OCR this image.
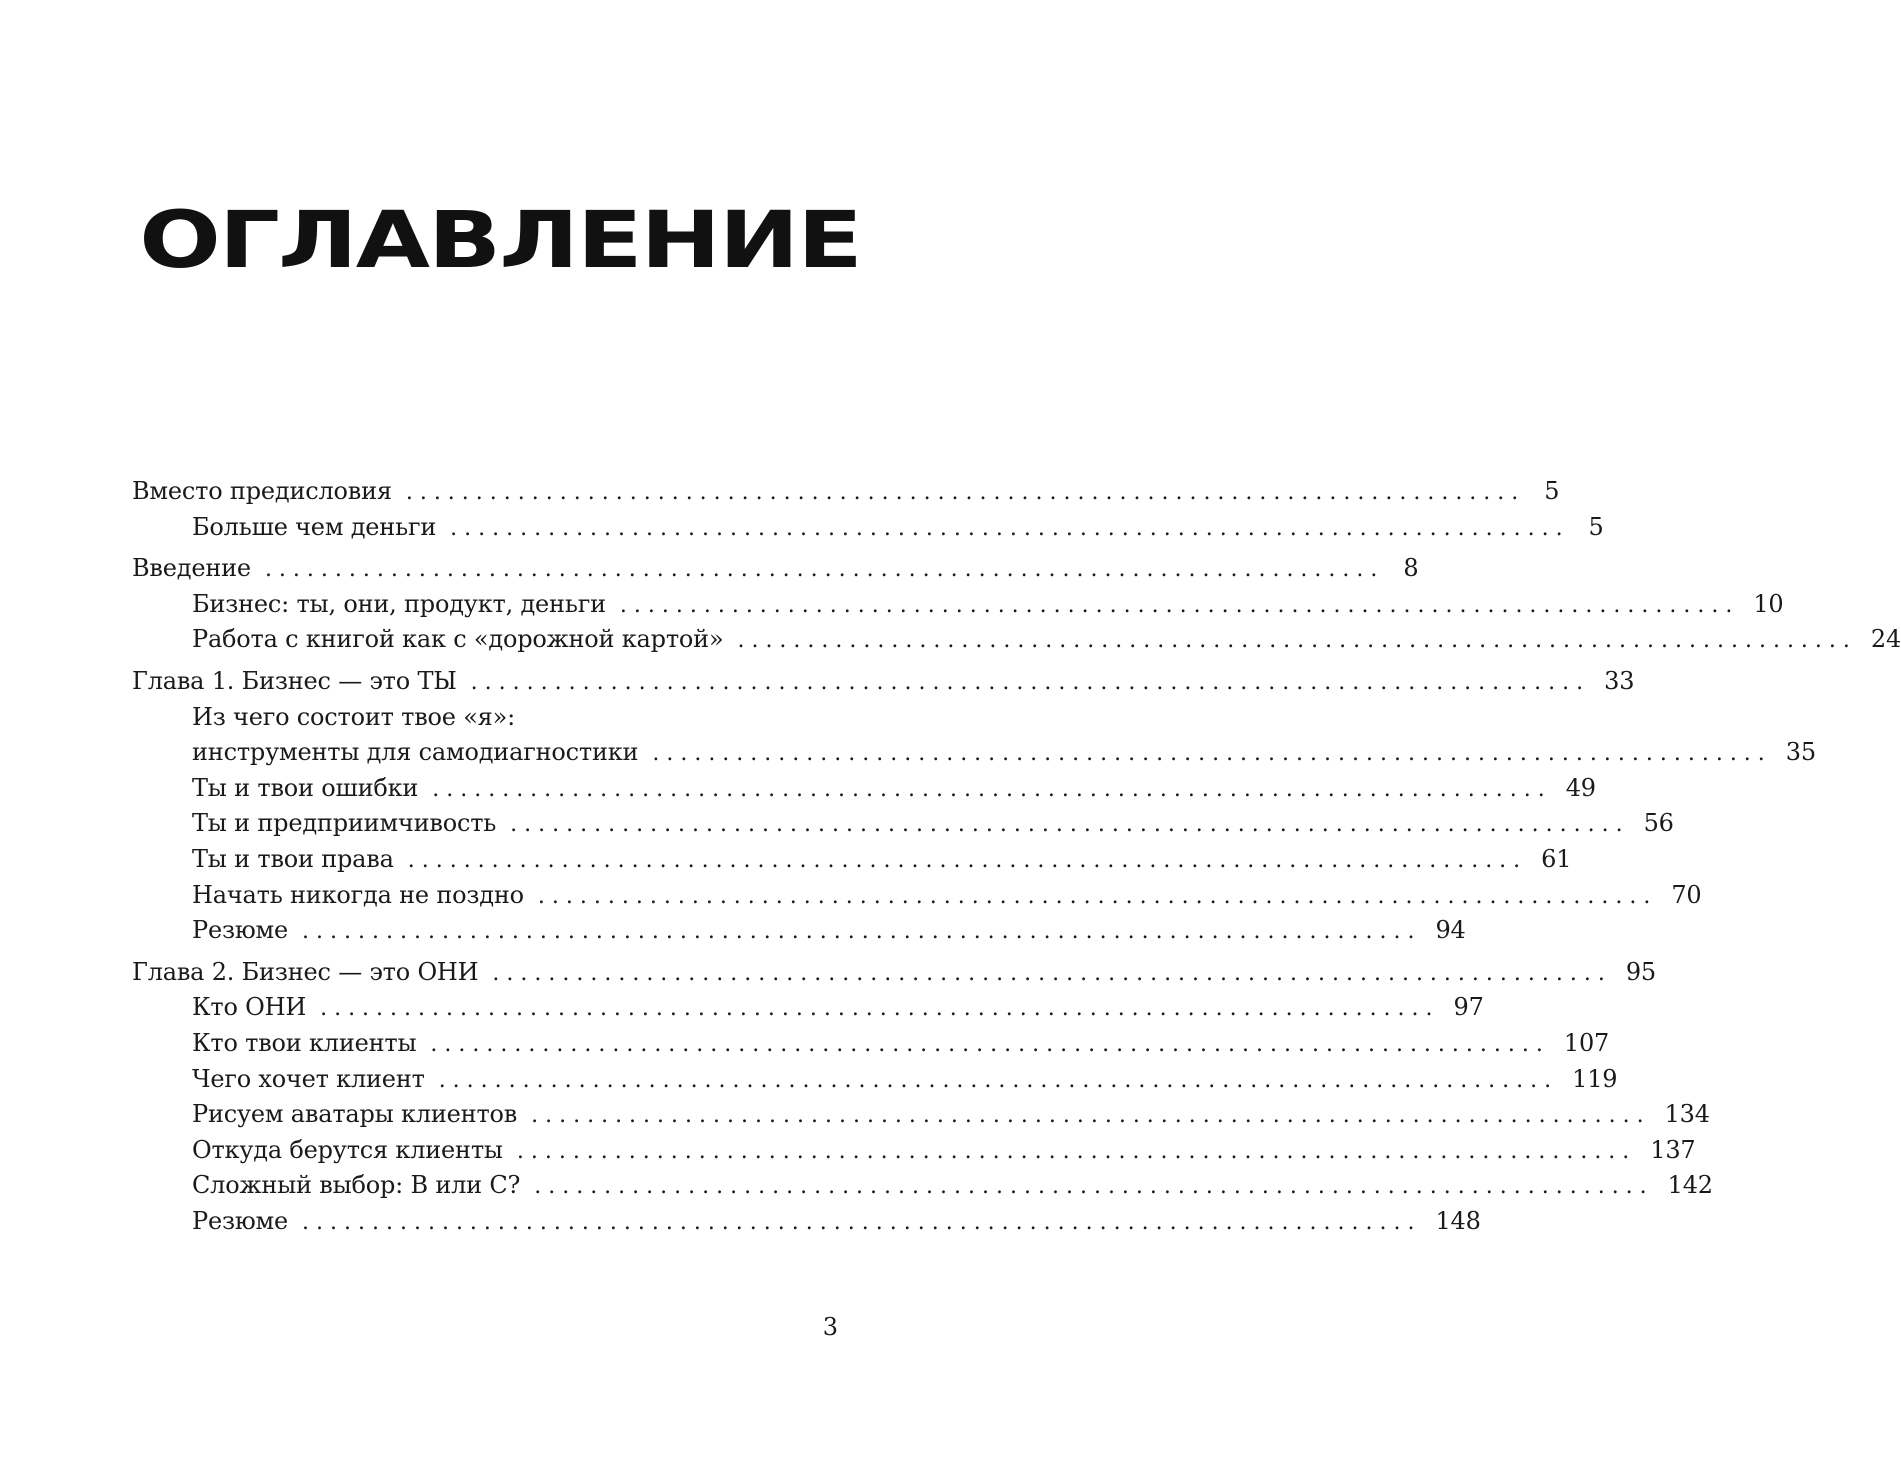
ОГЛАВЛЕНИЕ
Вместо предисловия ................................................................................ 5
Больше чем деньги ................................................................................ 5
Введение ................................................................................ 8
Бизнес: ты, они, продукт, деньги ................................................................................ 10
Работа с книгой как с «дорожной картой» ................................................................................ 24
Глава 1. Бизнес — это ТЫ ................................................................................ 33
Из чего состоит твое «я»:
инструменты для самодиагностики ................................................................................ 35
Ты и твои ошибки ................................................................................ 49
Ты и предприимчивость ................................................................................ 56
Ты и твои права ................................................................................ 61
Начать никогда не поздно ................................................................................ 70
Резюме ................................................................................ 94
Глава 2. Бизнес — это ОНИ ................................................................................ 95
Кто ОНИ ................................................................................ 97
Кто твои клиенты ................................................................................ 107
Чего хочет клиент ................................................................................ 119
Рисуем аватары клиентов ................................................................................ 134
Откуда берутся клиенты ................................................................................ 137
Сложный выбор: В или С? ................................................................................ 142
Резюме ................................................................................ 148
3
